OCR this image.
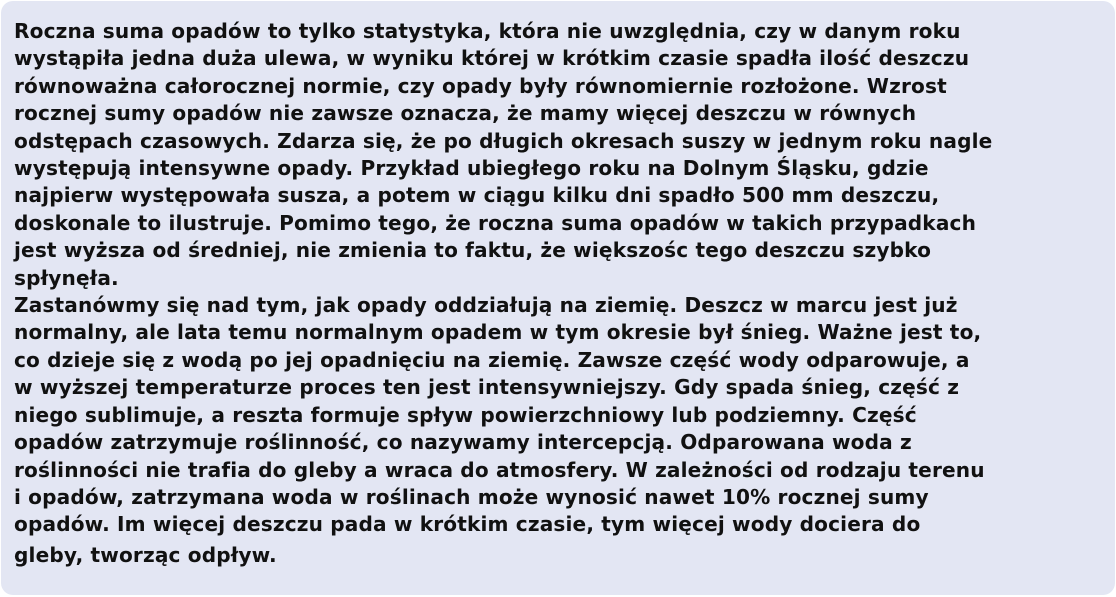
Roczna suma opadów to tylko statystyka, która nie uwzględnia, czy w danym roku
wystąpiła jedna duża ulewa, w wyniku której w krótkim czasie spadła ilość deszczu
równoważna całorocznej normie, czy opady były równomiernie rozłożone. Wzrost
rocznej sumy opadów nie zawsze oznacza, że mamy więcej deszczu w równych
odstępach czasowych. Zdarza się, że po długich okresach suszy w jednym roku nagle
występują intensywne opady. Przykład ubiegłego roku na Dolnym Śląsku, gdzie
najpierw występowała susza, a potem w ciągu kilku dni spadło 500 mm deszczu,
doskonale to ilustruje. Pomimo tego, że roczna suma opadów w takich przypadkach
jest wyższa od średniej, nie zmienia to faktu, że większośc tego deszczu szybko
spłynęła.
Zastanówmy się nad tym, jak opady oddziałują na ziemię. Deszcz w marcu jest już
normalny, ale lata temu normalnym opadem w tym okresie był śnieg. Ważne jest to,
co dzieje się z wodą po jej opadnięciu na ziemię. Zawsze część wody odparowuje, a
w wyższej temperaturze proces ten jest intensywniejszy. Gdy spada śnieg, część z
niego sublimuje, a reszta formuje spływ powierzchniowy lub podziemny. Część
opadów zatrzymuje roślinność, co nazywamy intercepcją. Odparowana woda z
roślinności nie trafia do gleby a wraca do atmosfery. W zależności od rodzaju terenu
i opadów, zatrzymana woda w roślinach może wynosić nawet 10% rocznej sumy
opadów. Im więcej deszczu pada w krótkim czasie, tym więcej wody dociera do
gleby, tworząc odpływ.
